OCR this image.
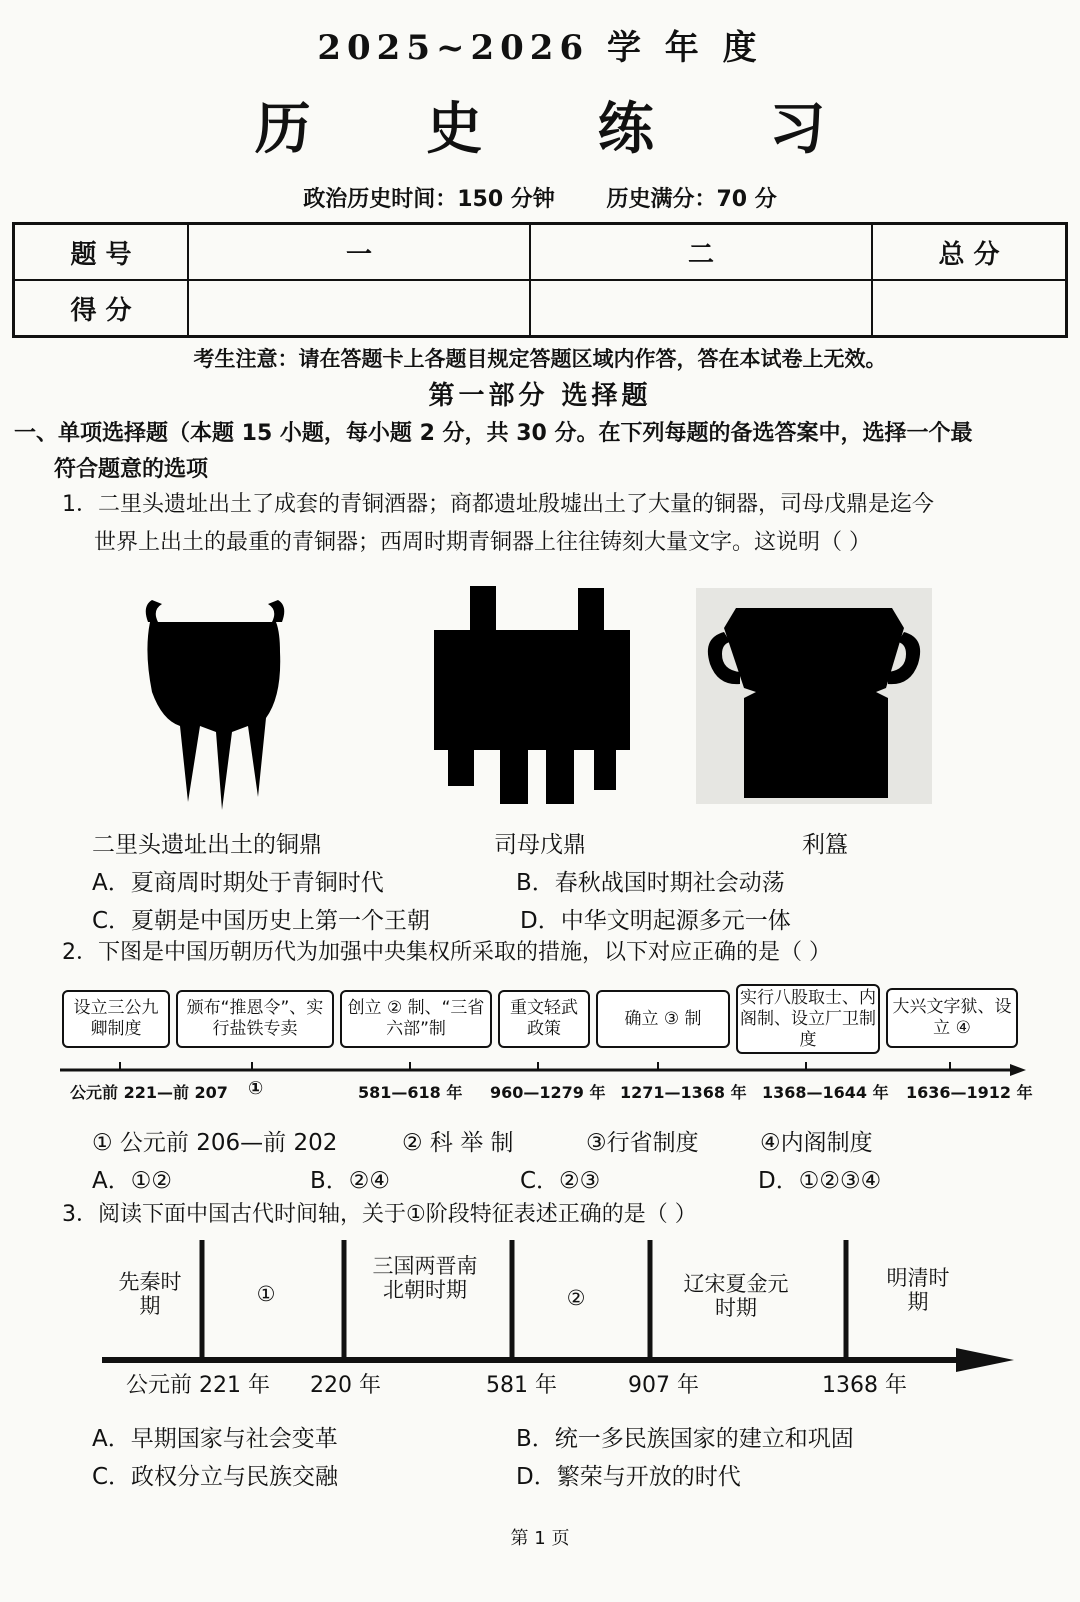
2025~2026 学 年 度
历 史 练 习
政治历史时间：150 分钟 历史满分：70 分
题 号	一	二	总 分
得 分			
考生注意：请在答题卡上各题目规定答题区域内作答，答在本试卷上无效。
第一部分 选择题
一、单项选择题（本题 15 小题，每小题 2 分，共 30 分。在下列每题的备选答案中，选择一个最
符合题意的选项
1．二里头遗址出土了成套的青铜酒器；商都遗址殷墟出土了大量的铜器，司母戊鼎是迄今
世界上出土的最重的青铜器；西周时期青铜器上往往铸刻大量文字。这说明（ ）
二里头遗址出土的铜鼎	司母戊鼎	利簋
A．夏商周时期处于青铜时代	B．春秋战国时期社会动荡
C．夏朝是中国历史上第一个王朝	D．中华文明起源多元一体
2．下图是中国历朝历代为加强中央集权所采取的措施，以下对应正确的是（ ）
设立三公九卿制度
颁布“推恩令”、实行盐铁专卖
创立 ② 制、“三省六部”制
重文轻武政策
确立 ③ 制
实行八股取士、内阁制、设立厂卫制度
大兴文字狱、设立 ④
公元前 221—前 207 ①	581—618 年 960—1279 年 1271—1368 年 1368—1644 年 1636—1912 年
① 公元前 206—前 202	② 科 举 制	③行省制度	④内阁制度
A．①②	B．②④	C．②③	D．①②③④
3．阅读下面中国古代时间轴，关于①阶段特征表述正确的是（ ）
先秦时期	①
三国两晋南北朝时期	②
辽宋夏金元时期
明清时期
公元前 221 年 220 年	581 年	907 年	1368 年
A．早期国家与社会变革	B．统一多民族国家的建立和巩固
C．政权分立与民族交融	D．繁荣与开放的时代
第 1 页
